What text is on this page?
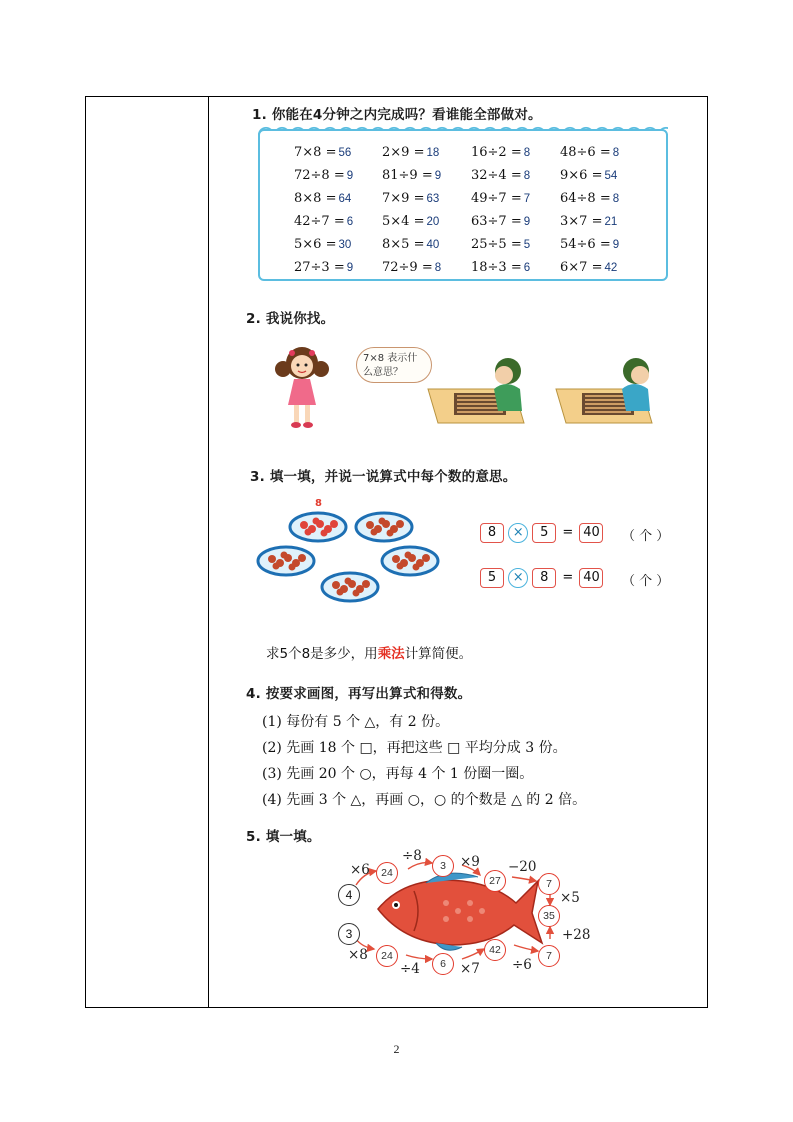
1. 你能在4分钟之内完成吗？看谁能全部做对。
7×8 = 56 2×9 = 18 16÷2 = 8 48÷6 = 8
72÷8 = 9 81÷9 = 9 32÷4 = 8 9×6 = 54
8×8 = 64 7×9 = 63 49÷7 = 7 64÷8 = 8
42÷7 = 6 5×4 = 20 63÷7 = 9 3×7 = 21
5×6 = 30 8×5 = 40 25÷5 = 5 54÷6 = 9
27÷3 = 9 72÷9 = 8 18÷3 = 6 6×7 = 42
2. 我说你找。
7×8 表示什
么意思？
3. 填一填，并说一说算式中每个数的意思。
8
8 × 5 = 40 （ 个 ）
5 × 8 = 40 （ 个 ）
求5个8是多少，用乘法计算简便。
4. 按要求画图，再写出算式和得数。
(1) 每份有 5 个 △，有 2 份。
(2) 先画 18 个 □，再把这些 □ 平均分成 3 份。
(3) 先画 20 个 ○，再每 4 个 1 份圈一圈。
(4) 先画 3 个 △，再画 ○，○ 的个数是 △ 的 2 倍。
5. 填一填。
4
3
24
3
27	7
35
24
6
42	7
×6
÷8	×9 −20
×5
+28
×8
÷4	×7 ÷6
2
